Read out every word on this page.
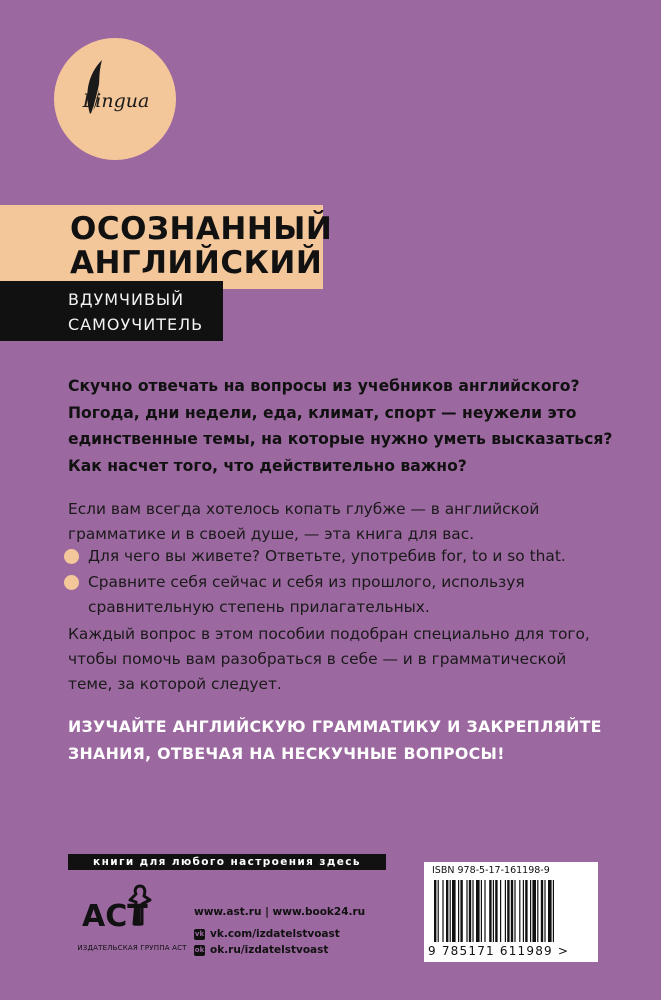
Lingua
ОСОЗНАННЫЙ
АНГЛИЙСКИЙ
ВДУМЧИВЫЙ
САМОУЧИТЕЛЬ
Скучно отвечать на вопросы из учебников английского?
Погода, дни недели, еда, климат, спорт — неужели это
единственные темы, на которые нужно уметь высказаться?
Как насчет того, что действительно важно?
Если вам всегда хотелось копать глубже — в английской
грамматике и в своей душе, — эта книга для вас.
Для чего вы живете? Ответьте, употребив for, to и so that.
Сравните себя сейчас и себя из прошлого, используя
сравнительную степень прилагательных.
Каждый вопрос в этом пособии подобран специально для того,
чтобы помочь вам разобраться в себе — и в грамматической
теме, за которой следует.
ИЗУЧАЙТЕ АНГЛИЙСКУЮ ГРАММАТИКУ И ЗАКРЕПЛЯЙТЕ
ЗНАНИЯ, ОТВЕЧАЯ НА НЕСКУЧНЫЕ ВОПРОСЫ!
книги для любого настроения здесь
ACT
ИЗДАТЕЛЬСКАЯ ГРУППА АСТ
www.ast.ru | www.book24.ru
vk vk.com/izdatelstvoast
ok ok.ru/izdatelstvoast
ISBN 978-5-17-161198-9
9 785171 611989 >
